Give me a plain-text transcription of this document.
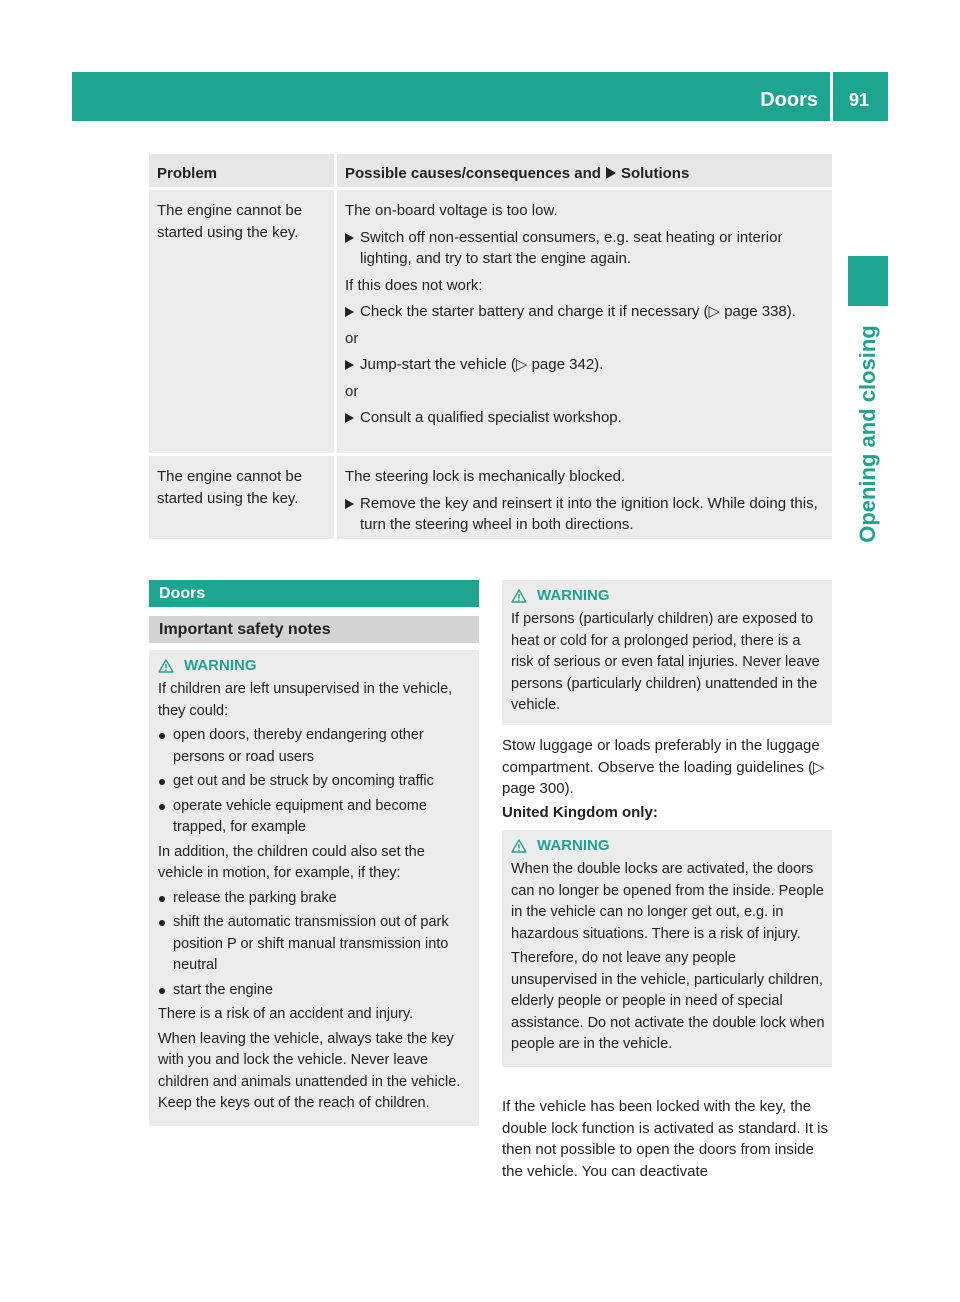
Doors	91
Opening and closing
Problem	Possible causes/consequences and Solutions
The engine cannot be started using the key.
The on-board voltage is too low.
Switch off non-essential consumers, e.g. seat heating or interior lighting, and try to start the engine again.
If this does not work:
Check the starter battery and charge it if necessary (▷ page 338).
or
Jump-start the vehicle (▷ page 342).
or
Consult a qualified specialist workshop.
The engine cannot be started using the key.
The steering lock is mechanically blocked.
Remove the key and reinsert it into the ignition lock. While doing this, turn the steering wheel in both directions.
Doors
Important safety notes
WARNING
If children are left unsupervised in the vehicle, they could:
open doors, thereby endangering other persons or road users
get out and be struck by oncoming traffic
operate vehicle equipment and become trapped, for example
In addition, the children could also set the vehicle in motion, for example, if they:
release the parking brake
shift the automatic transmission out of park position P or shift manual transmission into neutral
start the engine
There is a risk of an accident and injury.
When leaving the vehicle, always take the key with you and lock the vehicle. Never leave children and animals unattended in the vehicle. Keep the keys out of the reach of children.
WARNING
If persons (particularly children) are exposed to heat or cold for a prolonged period, there is a risk of serious or even fatal injuries. Never leave persons (particularly children) unattended in the vehicle.
Stow luggage or loads preferably in the luggage compartment. Observe the loading guidelines (▷ page 300).
United Kingdom only:
WARNING
When the double locks are activated, the doors can no longer be opened from the inside. People in the vehicle can no longer get out, e.g. in hazardous situations. There is a risk of injury.
Therefore, do not leave any people unsupervised in the vehicle, particularly children, elderly people or people in need of special assistance. Do not activate the double lock when people are in the vehicle.
If the vehicle has been locked with the key, the double lock function is activated as standard. It is then not possible to open the doors from inside the vehicle. You can deactivate
